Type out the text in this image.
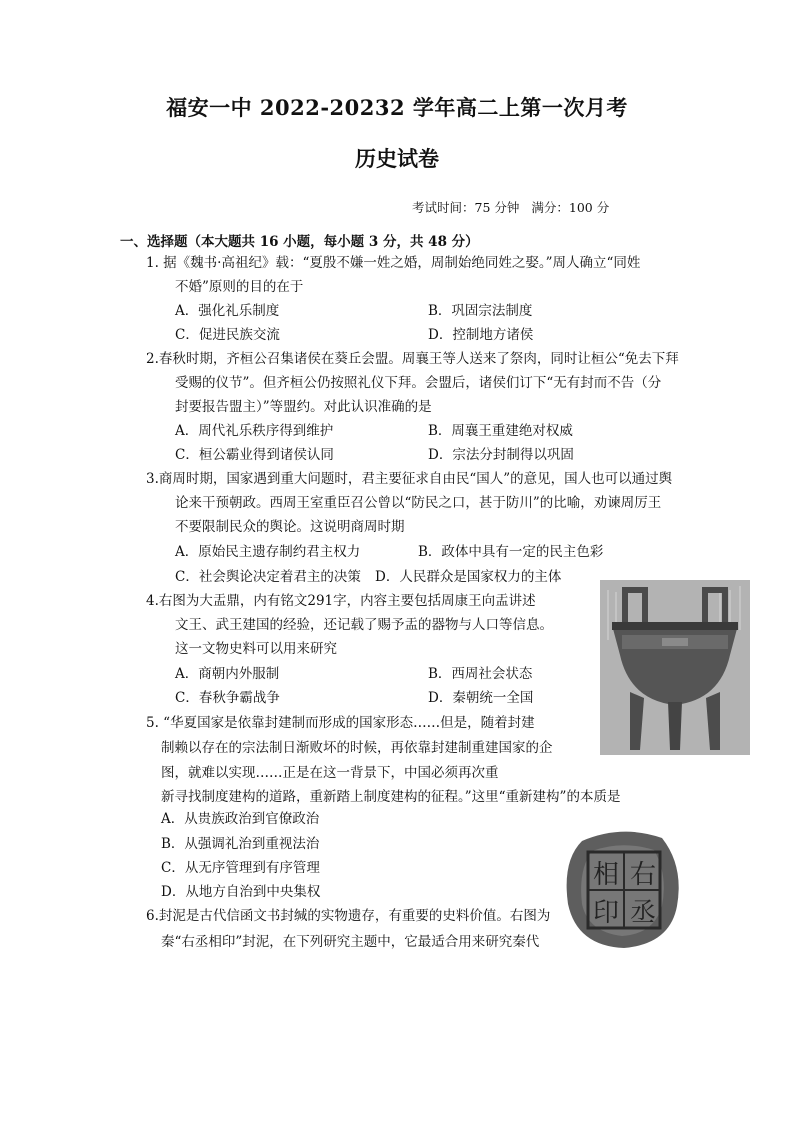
福安一中 2022-20232 学年高二上第一次月考
历史试卷
考试时间：75 分钟 满分：100 分
一、选择题（本大题共 16 小题，每小题 3 分，共 48 分）
1. 据《魏书·高祖纪》载：“夏殷不嫌一姓之婚，周制始绝同姓之娶。”周人确立“同姓
不婚”原则的目的在于
A．强化礼乐制度	B．巩固宗法制度
C．促进民族交流	D．控制地方诸侯
2.春秋时期，齐桓公召集诸侯在葵丘会盟。周襄王等人送来了祭肉，同时让桓公“免去下拜
受赐的仪节”。但齐桓公仍按照礼仪下拜。会盟后，诸侯们订下“无有封而不告（分
封要报告盟主）”等盟约。对此认识准确的是
A．周代礼乐秩序得到维护	B．周襄王重建绝对权威
C．桓公霸业得到诸侯认同	D．宗法分封制得以巩固
3.商周时期，国家遇到重大问题时，君主要征求自由民“国人”的意见，国人也可以通过舆
论来干预朝政。西周王室重臣召公曾以“防民之口，甚于防川”的比喻，劝谏周厉王
不要限制民众的舆论。这说明商周时期
A．原始民主遗存制约君主权力	B．政体中具有一定的民主色彩
C．社会舆论决定着君主的决策 D．人民群众是国家权力的主体
4.右图为大盂鼎，内有铭文291字，内容主要包括周康王向盂讲述
文王、武王建国的经验，还记载了赐予盂的器物与人口等信息。
这一文物史料可以用来研究
A．商朝内外服制	B．西周社会状态
C．春秋争霸战争	D．秦朝统一全国
5. “华夏国家是依靠封建制而形成的国家形态……但是，随着封建
制赖以存在的宗法制日渐败坏的时候，再依靠封建制重建国家的企
图，就难以实现……正是在这一背景下，中国必须再次重
新寻找制度建构的道路，重新踏上制度建构的征程。”这里“重新建构”的本质是
A．从贵族政治到官僚政治
B．从强调礼治到重视法治
C．从无序管理到有序管理
D．从地方自治到中央集权
6.封泥是古代信函文书封缄的实物遗存，有重要的史料价值。右图为
秦“右丞相印”封泥，在下列研究主题中，它最适合用来研究秦代
右
丞
相
印
